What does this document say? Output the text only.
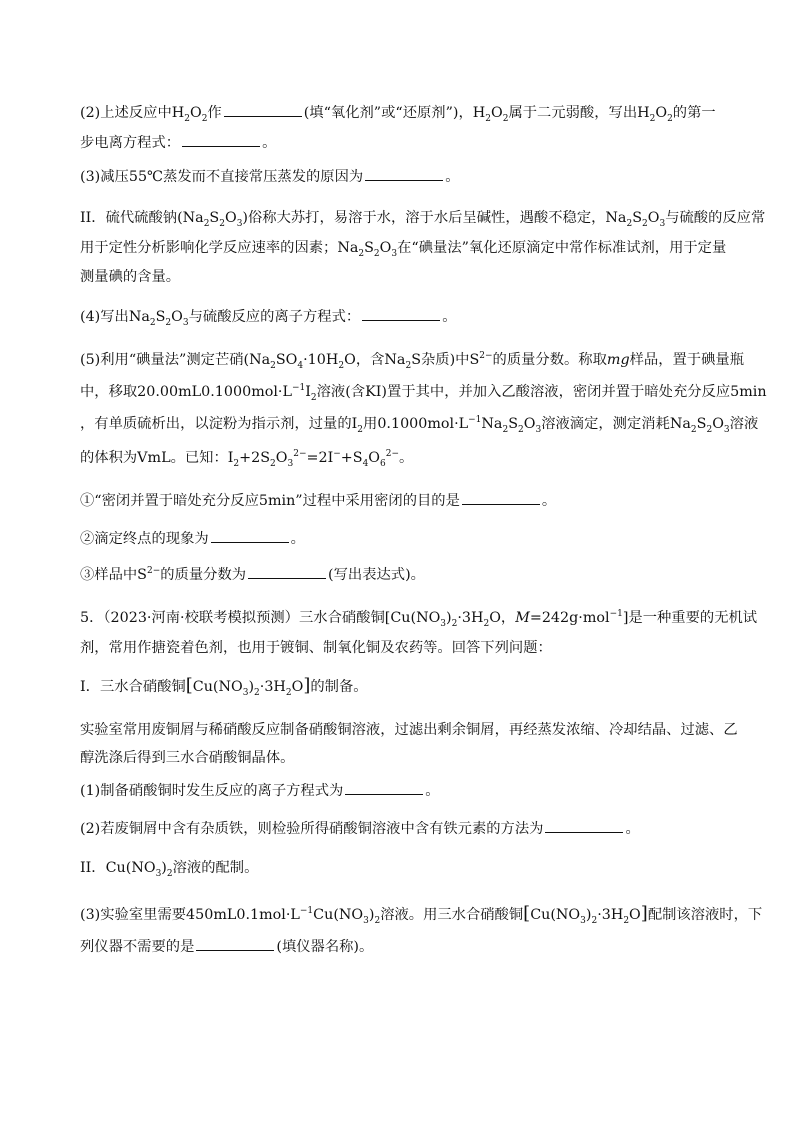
(2)上述反应中$H_2O_2$作	(填“氧化剂”或“还原剂”)，$H_2O_2$属于二元弱酸，写出$H_2O_2$的第一
步电离方程式：	。
(3)减压55℃蒸发而不直接常压蒸发的原因为	。
II．硫代硫酸钠$(Na_2S_2O_3)$俗称大苏打，易溶于水，溶于水后呈碱性，遇酸不稳定，$Na_2S_2O_3$与硫酸的反应常
用于定性分析影响化学反应速率的因素；$Na_2S_2O_3$在“碘量法”氧化还原滴定中常作标准试剂，用于定量
测量碘的含量。
(4)写出$Na_2S_2O_3$与硫酸反应的离子方程式：	。
(5)利用“碘量法”测定芒硝($Na_2SO_4\cdot 10H_2O$，含$Na_2S$杂质)中$S^{2-}$的质量分数。称取mg样品，置于碘量瓶
中，移取$20.00mL0.1000mol\cdot L^{-1}I_2$溶液(含KI)置于其中，并加入乙酸溶液，密闭并置于暗处充分反应5min
，有单质硫析出，以淀粉为指示剂，过量的$I_2$用$0.1000mol\cdot L^{-1}Na_2S_2O_3$溶液滴定，测定消耗$Na_2S_2O_3$溶液
的体积为VmL。已知：$I_2+2S_2O_3^{2-}=2I^-+S_4O_6^{2-}$。
①“密闭并置于暗处充分反应5min”过程中采用密闭的目的是	。
②滴定终点的现象为	。
③样品中$S^{2-}$的质量分数为	(写出表达式)。
5．（2023·河南·校联考模拟预测）三水合硝酸铜[$Cu(NO_3)_2\cdot 3H_2O$，M=242g·mol$^{-1}$]是一种重要的无机试
剂，常用作搪瓷着色剂，也用于镀铜、制氧化铜及农药等。回答下列问题：
I．三水合硝酸铜$[Cu(NO_3)_2\cdot 3H_2O]$的制备。
实验室常用废铜屑与稀硝酸反应制备硝酸铜溶液，过滤出剩余铜屑，再经蒸发浓缩、冷却结晶、过滤、乙
醇洗涤后得到三水合硝酸铜晶体。
(1)制备硝酸铜时发生反应的离子方程式为	。
(2)若废铜屑中含有杂质铁，则检验所得硝酸铜溶液中含有铁元素的方法为	。
II．$Cu(NO_3)_2$溶液的配制。
(3)实验室里需要$450mL0.1mol\cdot L^{-1}Cu(NO_3)_2$溶液。用三水合硝酸铜$[Cu(NO_3)_2\cdot 3H_2O]$配制该溶液时，下
列仪器不需要的是	(填仪器名称)。
